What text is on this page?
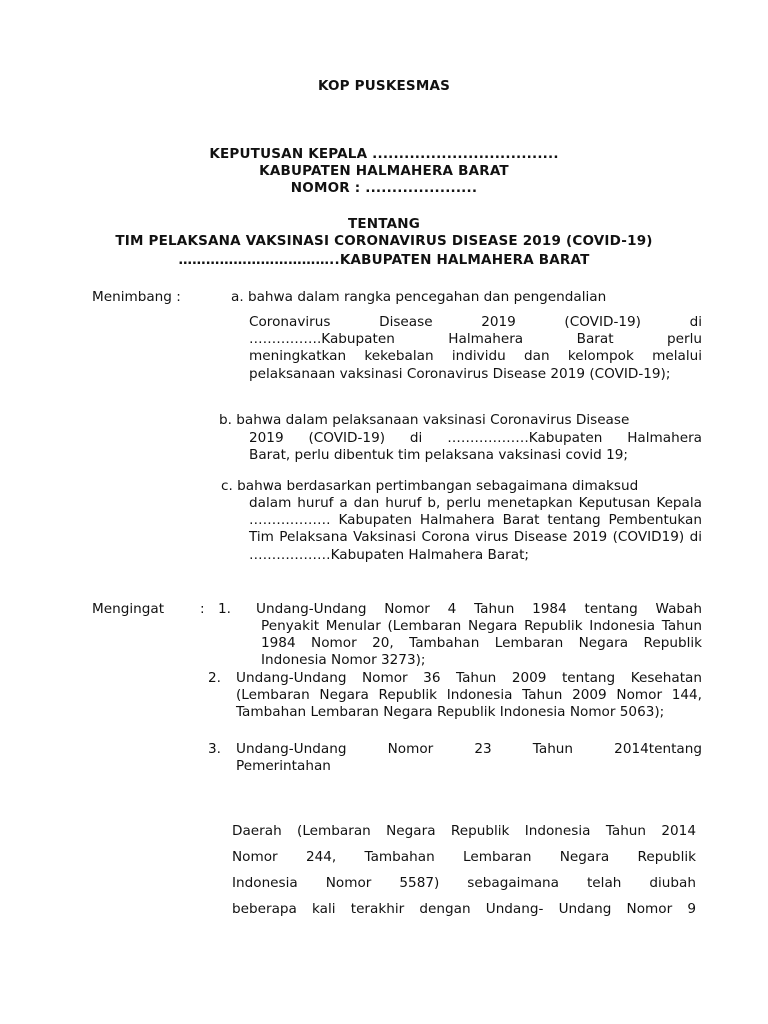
KOP PUSKESMAS
KEPUTUSAN KEPALA ...................................
KABUPATEN HALMAHERA BARAT
NOMOR : .....................
TENTANG
TIM PELAKSANA VAKSINASI CORONAVIRUS DISEASE 2019 (COVID-19)
……………………………..KABUPATEN HALMAHERA BARAT
Menimbang :	a. bahwa dalam rangka pencegahan dan pengendalian
Coronavirus Disease 2019 (COVID-19) di
…………….Kabupaten Halmahera Barat perlu
meningkatkan kekebalan individu dan kelompok melalui pelaksanaan vaksinasi Coronavirus Disease 2019 (COVID-19);
b. bahwa dalam pelaksanaan vaksinasi Coronavirus Disease
2019 (COVID-19) di ………………Kabupaten Halmahera
Barat, perlu dibentuk tim pelaksana vaksinasi covid 19;
c. bahwa berdasarkan pertimbangan sebagaimana dimaksud
dalam huruf a dan huruf b, perlu menetapkan Keputusan Kepala ……………… Kabupaten Halmahera Barat tentang Pembentukan Tim Pelaksana Vaksinasi Corona virus Disease 2019 (COVID19) di ………………Kabupaten Halmahera Barat;
Mengingat	: 1. Undang-Undang Nomor 4 Tahun 1984 tentang Wabah
Penyakit Menular (Lembaran Negara Republik Indonesia Tahun 1984 Nomor 20, Tambahan Lembaran Negara Republik Indonesia Nomor 3273);
2. Undang-Undang Nomor 36 Tahun 2009 tentang Kesehatan (Lembaran Negara Republik Indonesia Tahun 2009 Nomor 144, Tambahan Lembaran Negara Republik Indonesia Nomor 5063);
3. Undang-Undang Nomor 23 Tahun 2014tentang
Pemerintahan
Daerah (Lembaran Negara Republik Indonesia Tahun 2014
Nomor 244, Tambahan Lembaran Negara Republik
Indonesia Nomor 5587) sebagaimana telah diubah
beberapa kali terakhir dengan Undang- Undang Nomor 9
